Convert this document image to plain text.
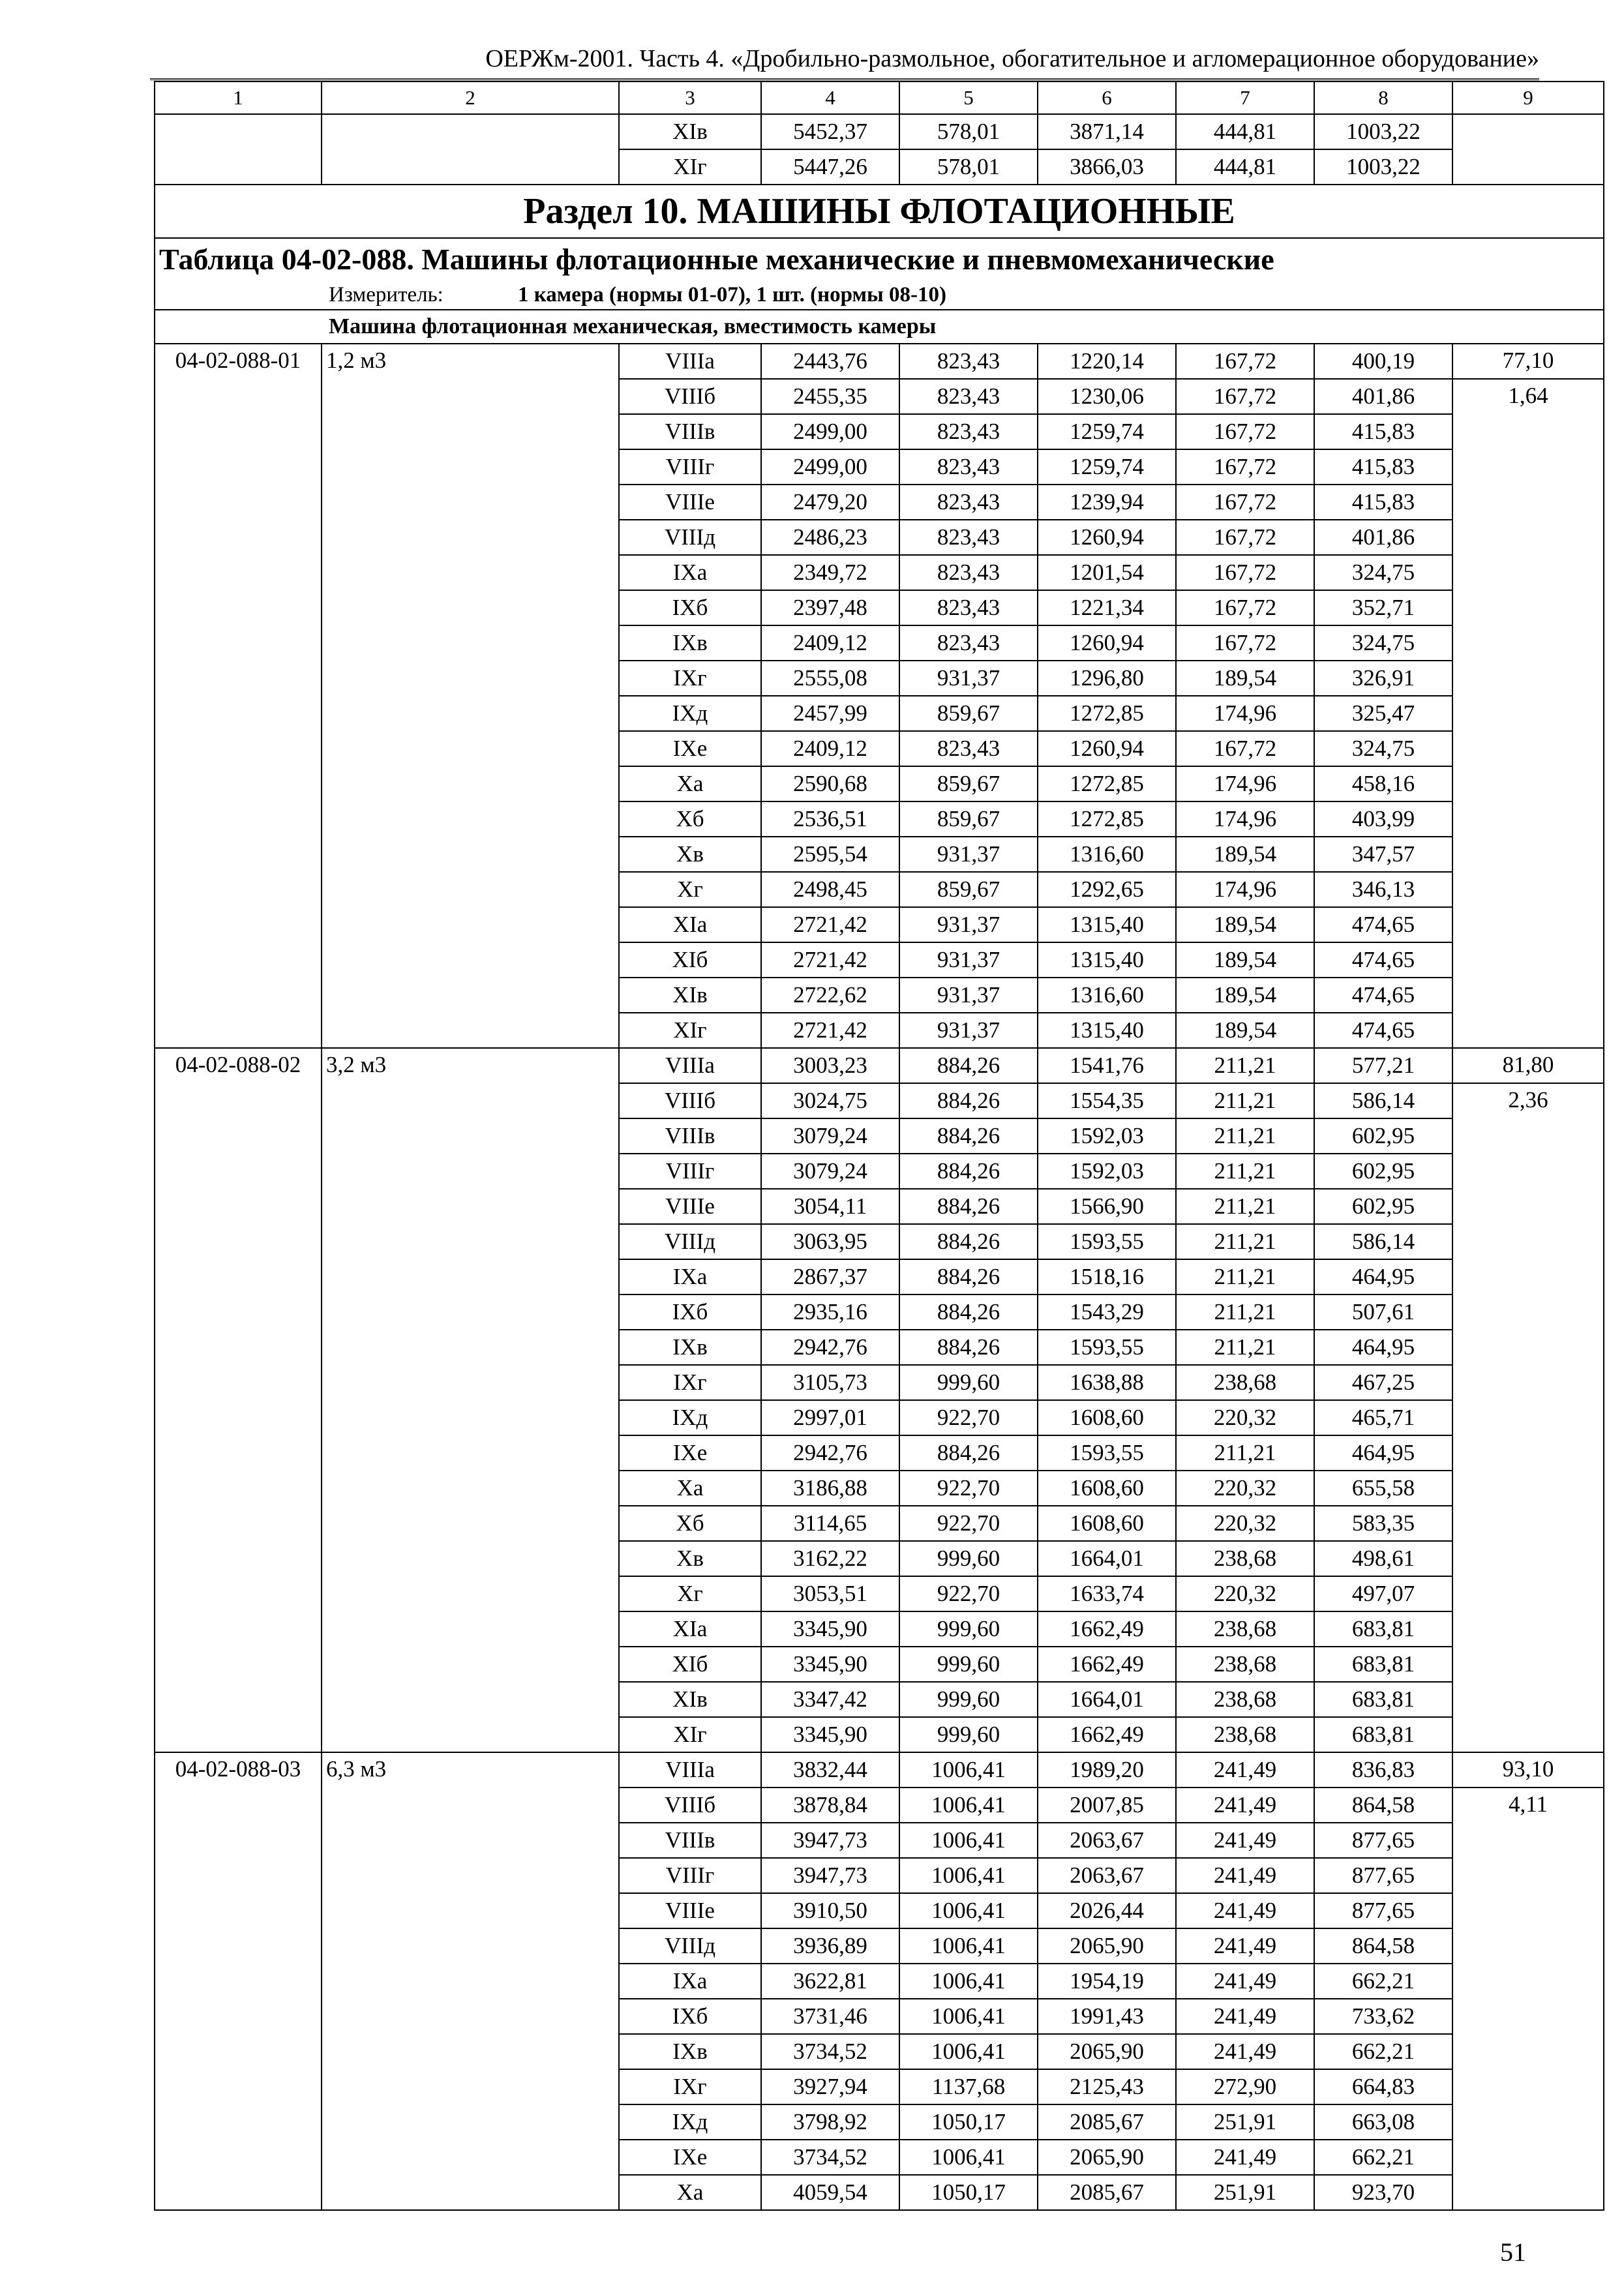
ОЕРЖм-2001. Часть 4. «Дробильно-размольное, обогатительное и агломерационное оборудование»
1	2	3	4	5	6	7	8	9
		ХIв	5452,37	578,01	3871,14	444,81	1003,22	
		ХIг	5447,26	578,01	3866,03	444,81	1003,22	
Раздел 10. МАШИНЫ ФЛОТАЦИОННЫЕ								
Таблица 04-02-088. Машины флотационные механические и пневмомеханические								
Измеритель: 1 камера (нормы 01-07), 1 шт. (нормы 08-10)								
Машина флотационная механическая, вместимость камеры								
04-02-088-01	1,2 м3	VIIIа	2443,76	823,43	1220,14	167,72	400,19	77,10
		VIIIб	2455,35	823,43	1230,06	167,72	401,86	1,64
		VIIIв	2499,00	823,43	1259,74	167,72	415,83	
		VIIIг	2499,00	823,43	1259,74	167,72	415,83	
		VIIIе	2479,20	823,43	1239,94	167,72	415,83	
		VIIIд	2486,23	823,43	1260,94	167,72	401,86	
		IХа	2349,72	823,43	1201,54	167,72	324,75	
		IХб	2397,48	823,43	1221,34	167,72	352,71	
		IХв	2409,12	823,43	1260,94	167,72	324,75	
		IХг	2555,08	931,37	1296,80	189,54	326,91	
		IХд	2457,99	859,67	1272,85	174,96	325,47	
		IХе	2409,12	823,43	1260,94	167,72	324,75	
		Ха	2590,68	859,67	1272,85	174,96	458,16	
		Хб	2536,51	859,67	1272,85	174,96	403,99	
		Хв	2595,54	931,37	1316,60	189,54	347,57	
		Хг	2498,45	859,67	1292,65	174,96	346,13	
		ХIа	2721,42	931,37	1315,40	189,54	474,65	
		ХIб	2721,42	931,37	1315,40	189,54	474,65	
		ХIв	2722,62	931,37	1316,60	189,54	474,65	
		ХIг	2721,42	931,37	1315,40	189,54	474,65	
04-02-088-02	3,2 м3	VIIIа	3003,23	884,26	1541,76	211,21	577,21	81,80
		VIIIб	3024,75	884,26	1554,35	211,21	586,14	2,36
		VIIIв	3079,24	884,26	1592,03	211,21	602,95	
		VIIIг	3079,24	884,26	1592,03	211,21	602,95	
		VIIIе	3054,11	884,26	1566,90	211,21	602,95	
		VIIIд	3063,95	884,26	1593,55	211,21	586,14	
		IХа	2867,37	884,26	1518,16	211,21	464,95	
		IХб	2935,16	884,26	1543,29	211,21	507,61	
		IХв	2942,76	884,26	1593,55	211,21	464,95	
		IХг	3105,73	999,60	1638,88	238,68	467,25	
		IХд	2997,01	922,70	1608,60	220,32	465,71	
		IХе	2942,76	884,26	1593,55	211,21	464,95	
		Ха	3186,88	922,70	1608,60	220,32	655,58	
		Хб	3114,65	922,70	1608,60	220,32	583,35	
		Хв	3162,22	999,60	1664,01	238,68	498,61	
		Хг	3053,51	922,70	1633,74	220,32	497,07	
		ХIа	3345,90	999,60	1662,49	238,68	683,81	
		ХIб	3345,90	999,60	1662,49	238,68	683,81	
		ХIв	3347,42	999,60	1664,01	238,68	683,81	
		ХIг	3345,90	999,60	1662,49	238,68	683,81	
04-02-088-03	6,3 м3	VIIIа	3832,44	1006,41	1989,20	241,49	836,83	93,10
		VIIIб	3878,84	1006,41	2007,85	241,49	864,58	4,11
		VIIIв	3947,73	1006,41	2063,67	241,49	877,65	
		VIIIг	3947,73	1006,41	2063,67	241,49	877,65	
		VIIIе	3910,50	1006,41	2026,44	241,49	877,65	
		VIIIд	3936,89	1006,41	2065,90	241,49	864,58	
		IХа	3622,81	1006,41	1954,19	241,49	662,21	
		IХб	3731,46	1006,41	1991,43	241,49	733,62	
		IХв	3734,52	1006,41	2065,90	241,49	662,21	
		IХг	3927,94	1137,68	2125,43	272,90	664,83	
		IХд	3798,92	1050,17	2085,67	251,91	663,08	
		IХе	3734,52	1006,41	2065,90	241,49	662,21	
		Ха	4059,54	1050,17	2085,67	251,91	923,70	
51
